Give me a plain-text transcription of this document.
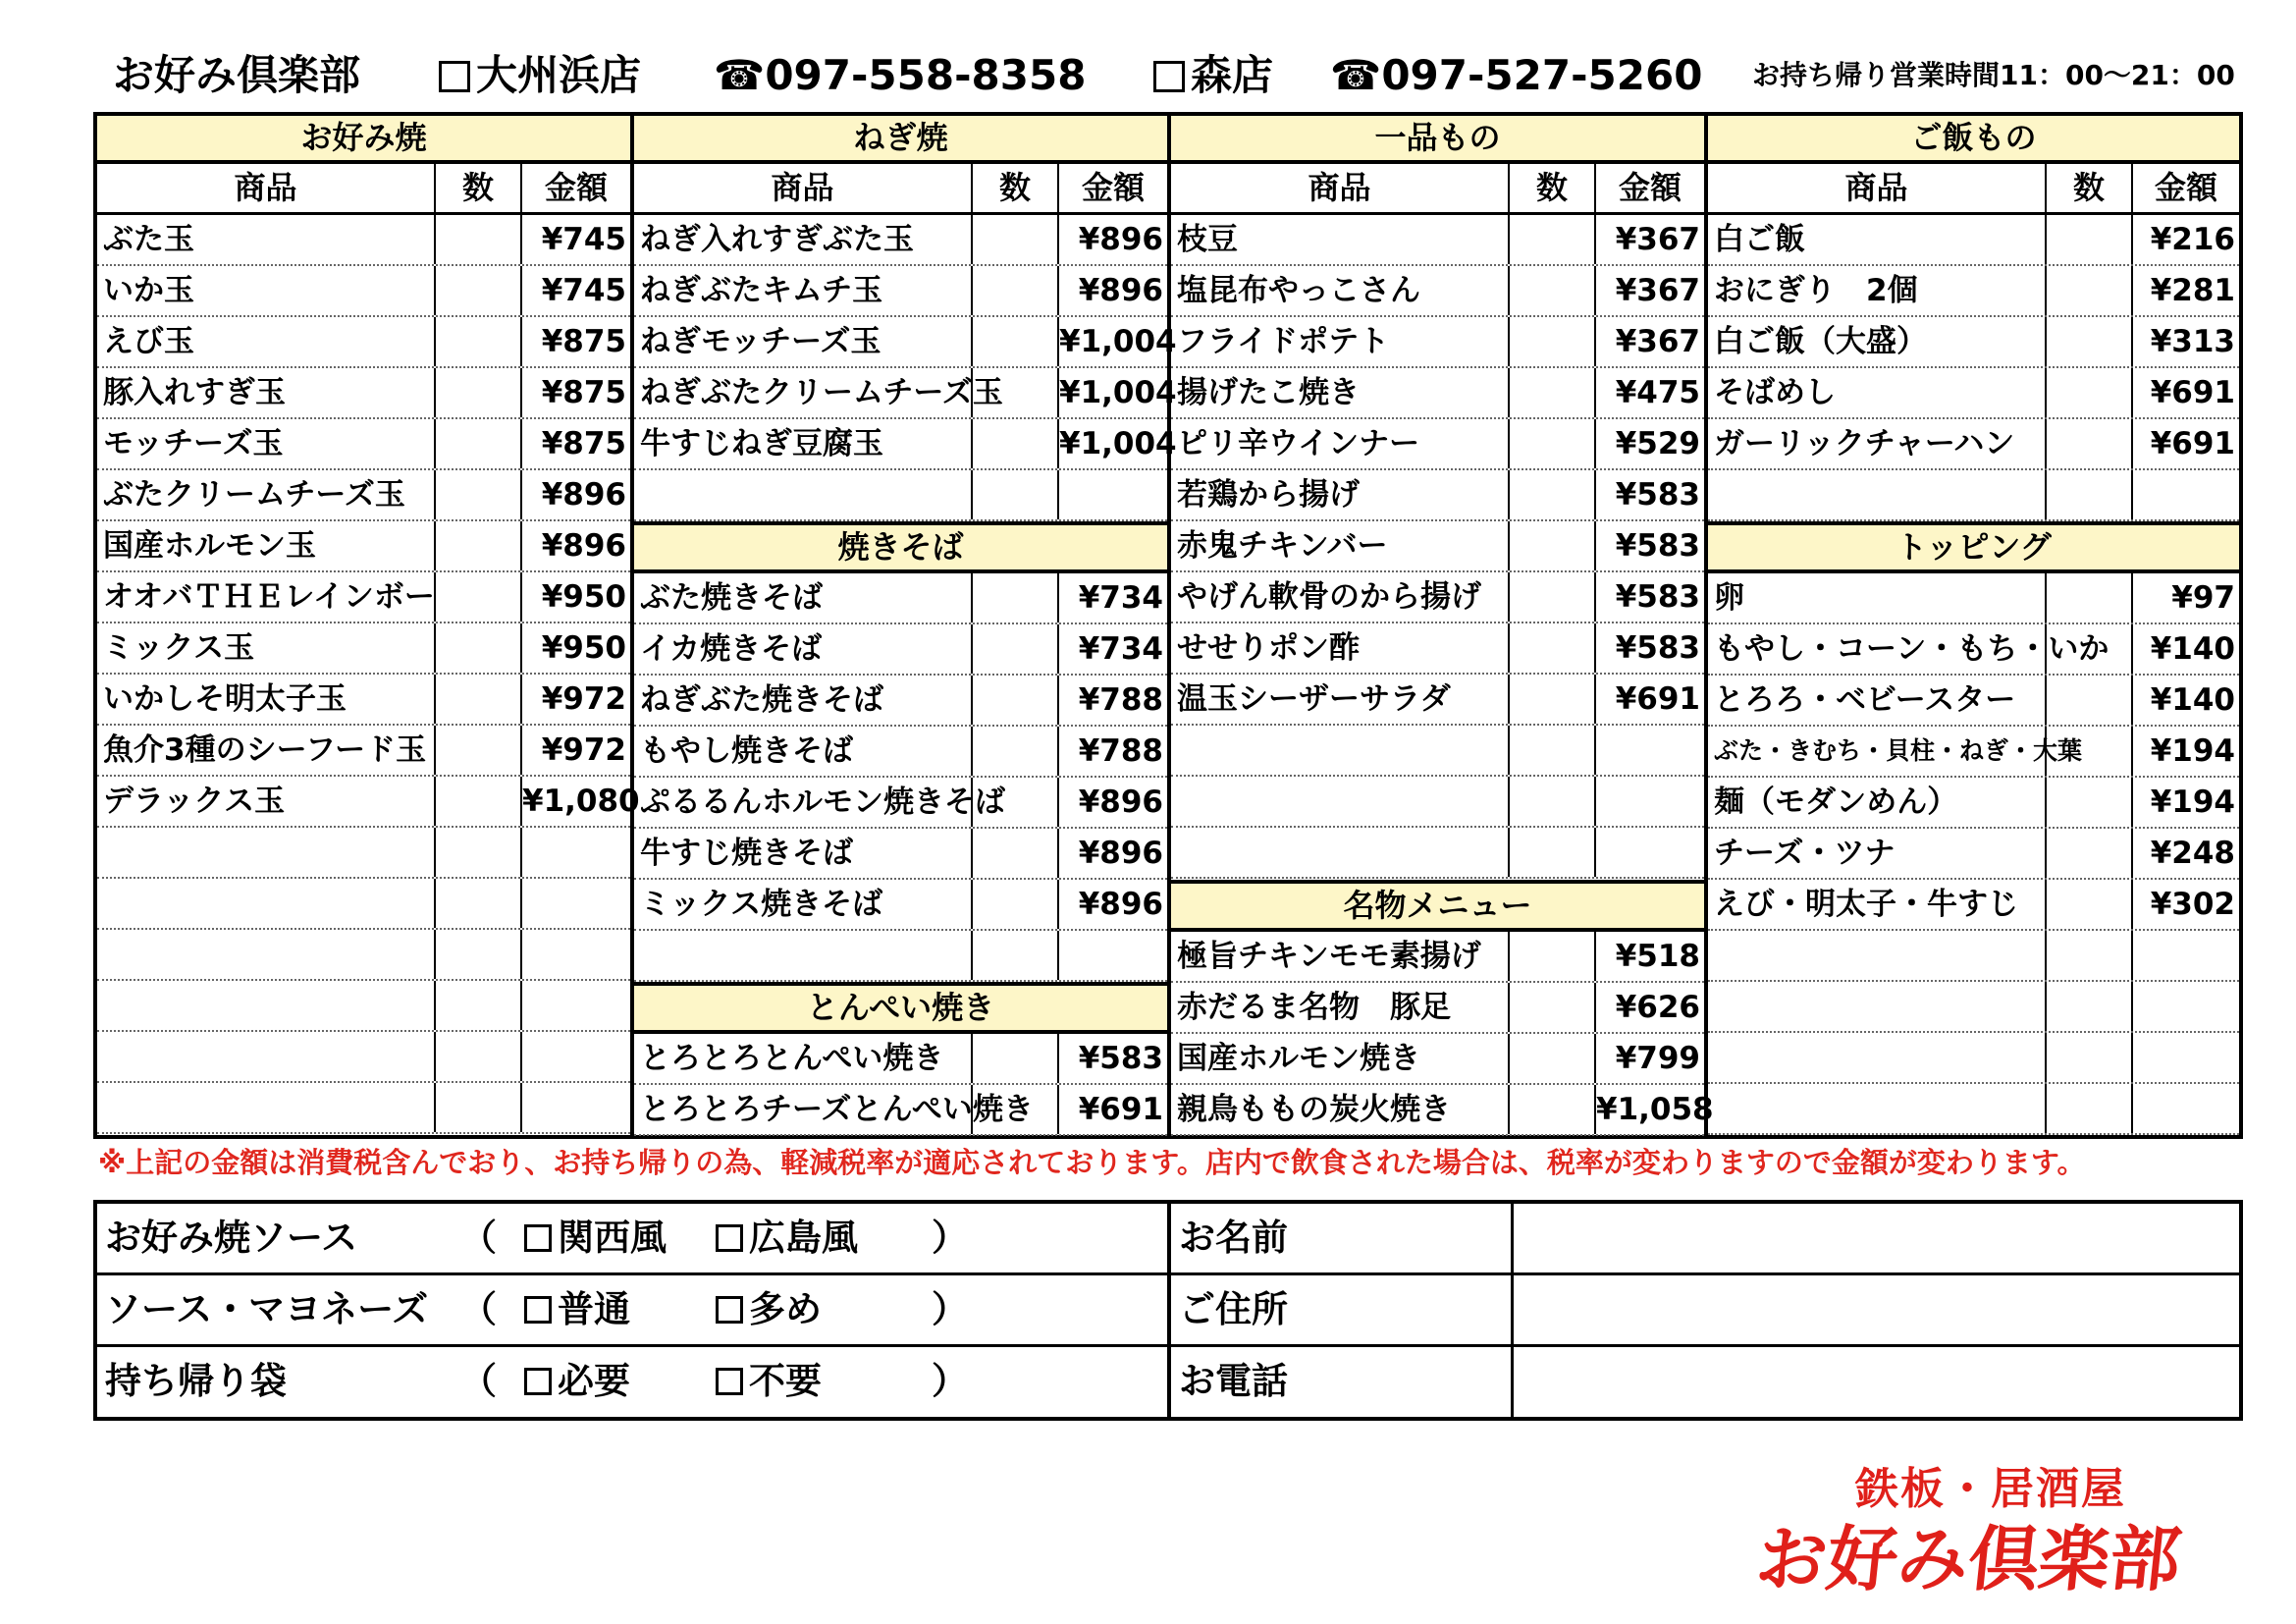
お好み倶楽部	大州浜店 ☎097-558-8358	森店 ☎097-527-5260 お持ち帰り営業時間11：00～21：00
お好み焼
商品	数	金額
ぶた玉	¥745
いか玉	¥745
えび玉	¥875
豚入れすぎ玉	¥875
モッチーズ玉	¥875
ぶたクリームチーズ玉	¥896
国産ホルモン玉	¥896
オオバＴＨＥレインボー	¥950
ミックス玉	¥950
いかしそ明太子玉	¥972
魚介3種のシーフード玉	¥972
デラックス玉	¥1,080
ねぎ焼
商品	数	金額
ねぎ入れすぎぶた玉	¥896
ねぎぶたキムチ玉	¥896
ねぎモッチーズ玉	¥1,004
ねぎぶたクリームチーズ玉 ¥1,004
牛すじねぎ豆腐玉	¥1,004
焼きそば
ぶた焼きそば	¥734
イカ焼きそば	¥734
ねぎぶた焼きそば	¥788
もやし焼きそば	¥788
ぷるるんホルモン焼きそば	¥896
牛すじ焼きそば	¥896
ミックス焼きそば	¥896
とんぺい焼き
とろとろとんぺい焼き	¥583
とろとろチーズとんぺい焼き	¥691
一品もの
商品	数	金額
枝豆	¥367
塩昆布やっこさん	¥367
フライドポテト	¥367
揚げたこ焼き	¥475
ピリ辛ウインナー	¥529
若鶏から揚げ	¥583
赤鬼チキンバー	¥583
やげん軟骨のから揚げ	¥583
せせりポン酢	¥583
温玉シーザーサラダ	¥691
名物メニュー
極旨チキンモモ素揚げ	¥518
赤だるま名物　豚足	¥626
国産ホルモン焼き	¥799
親鳥ももの炭火焼き	¥1,058
ご飯もの
商品	数	金額
白ご飯	¥216
おにぎり　2個	¥281
白ご飯（大盛）	¥313
そばめし	¥691
ガーリックチャーハン	¥691
トッピング
卵	¥97
もやし・コーン・もち・いか	¥140
とろろ・ベビースター	¥140
ぶた・きむち・貝柱・ねぎ・大葉	¥194
麺（モダンめん）	¥194
チーズ・ツナ	¥248
えび・明太子・牛すじ	¥302
※上記の金額は消費税含んでおり、お持ち帰りの為、軽減税率が適応されております。店内で飲食された場合は、税率が変わりますので金額が変わります。
お好み焼ソース	（	関西風	広島風 ）	お名前
ソース・マヨネーズ （	普通	多め	）	ご住所
持ち帰り袋	（	必要	不要	）	お電話
鉄板・居酒屋
お好み倶楽部
